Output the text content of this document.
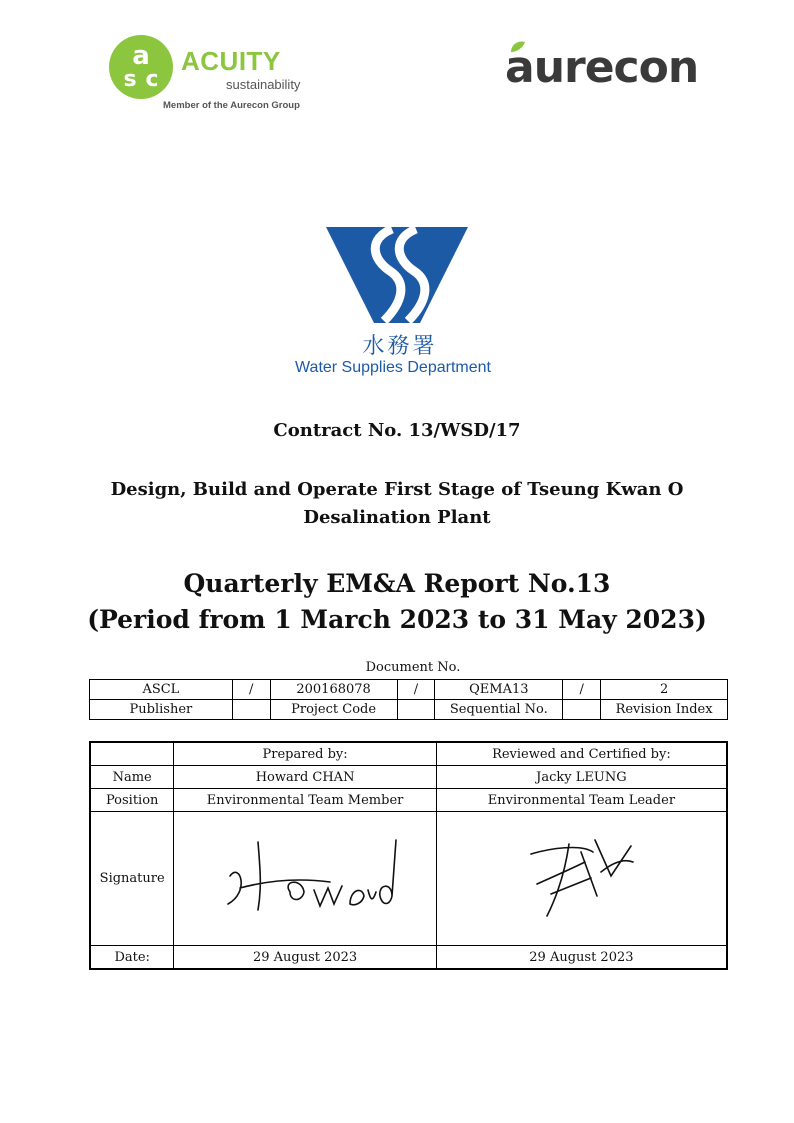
a
s c
ACUITY
sustainability
Member of the Aurecon Group
aurecon
水務署
Water Supplies Department
Contract No. 13/WSD/17
Design, Build and Operate First Stage of Tseung Kwan O
Desalination Plant
Quarterly EM&A Report No.13
(Period from 1 March 2023 to 31 May 2023)
Document No.
ASCL	/	200168078	/	QEMA13	/	2
Publisher		Project Code		Sequential No.		Revision Index
	Prepared by:	Reviewed and Certified by:
Name	Howard CHAN	Jacky LEUNG
Position	Environmental Team Member	Environmental Team Leader
Signature		
Date:	29 August 2023	29 August 2023
